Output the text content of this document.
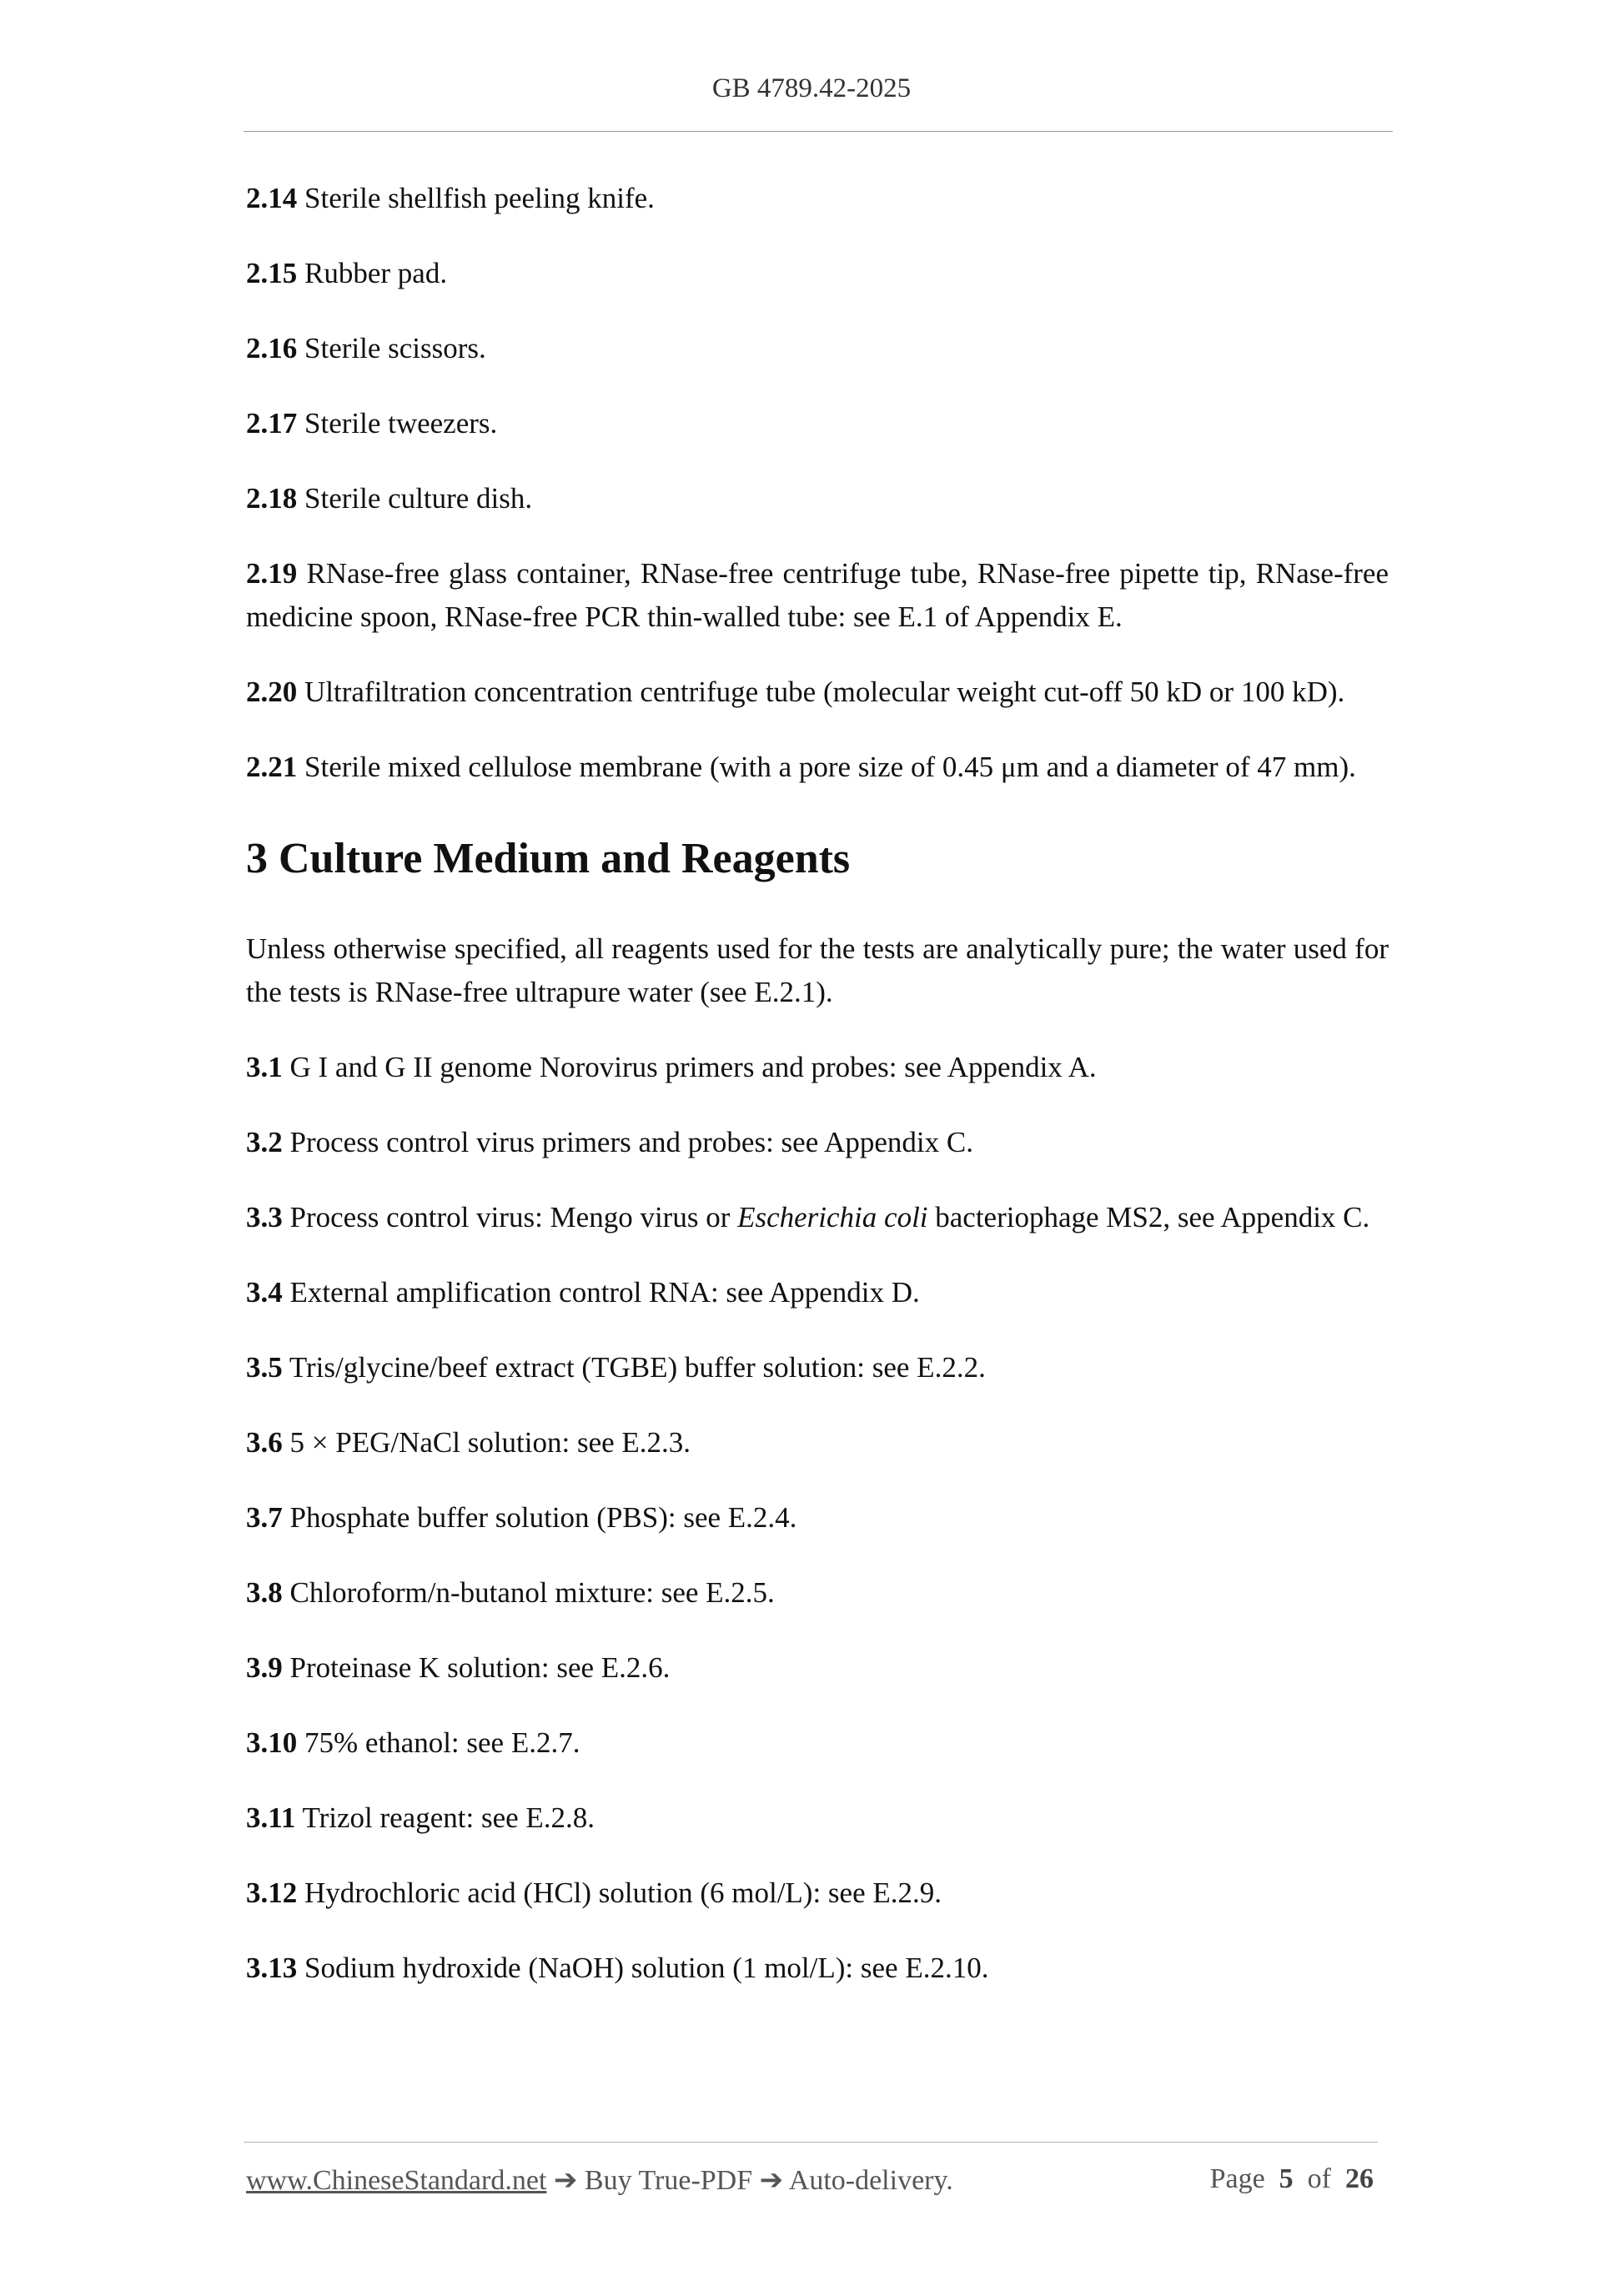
GB 4789.42-2025

2.14 Sterile shellfish peeling knife.

2.15 Rubber pad.

2.16 Sterile scissors.

2.17 Sterile tweezers.

2.18 Sterile culture dish.

2.19 RNase-free glass container, RNase-free centrifuge tube, RNase-free pipette tip, RNase-free medicine spoon, RNase-free PCR thin-walled tube: see E.1 of Appendix E.

2.20 Ultrafiltration concentration centrifuge tube (molecular weight cut-off 50 kD or 100 kD).

2.21 Sterile mixed cellulose membrane (with a pore size of 0.45 μm and a diameter of 47 mm).

3 Culture Medium and Reagents

Unless otherwise specified, all reagents used for the tests are analytically pure; the water used for the tests is RNase-free ultrapure water (see E.2.1).

3.1 G I and G II genome Norovirus primers and probes: see Appendix A.

3.2 Process control virus primers and probes: see Appendix C.

3.3 Process control virus: Mengo virus or Escherichia coli bacteriophage MS2, see Appendix C.

3.4 External amplification control RNA: see Appendix D.

3.5 Tris/glycine/beef extract (TGBE) buffer solution: see E.2.2.

3.6 5 × PEG/NaCl solution: see E.2.3.

3.7 Phosphate buffer solution (PBS): see E.2.4.

3.8 Chloroform/n-butanol mixture: see E.2.5.

3.9 Proteinase K solution: see E.2.6.

3.10 75% ethanol: see E.2.7.

3.11 Trizol reagent: see E.2.8.

3.12 Hydrochloric acid (HCl) solution (6 mol/L): see E.2.9.

3.13 Sodium hydroxide (NaOH) solution (1 mol/L): see E.2.10.

www.ChineseStandard.net ➔ Buy True-PDF ➔ Auto-delivery.	Page 5 of 26
